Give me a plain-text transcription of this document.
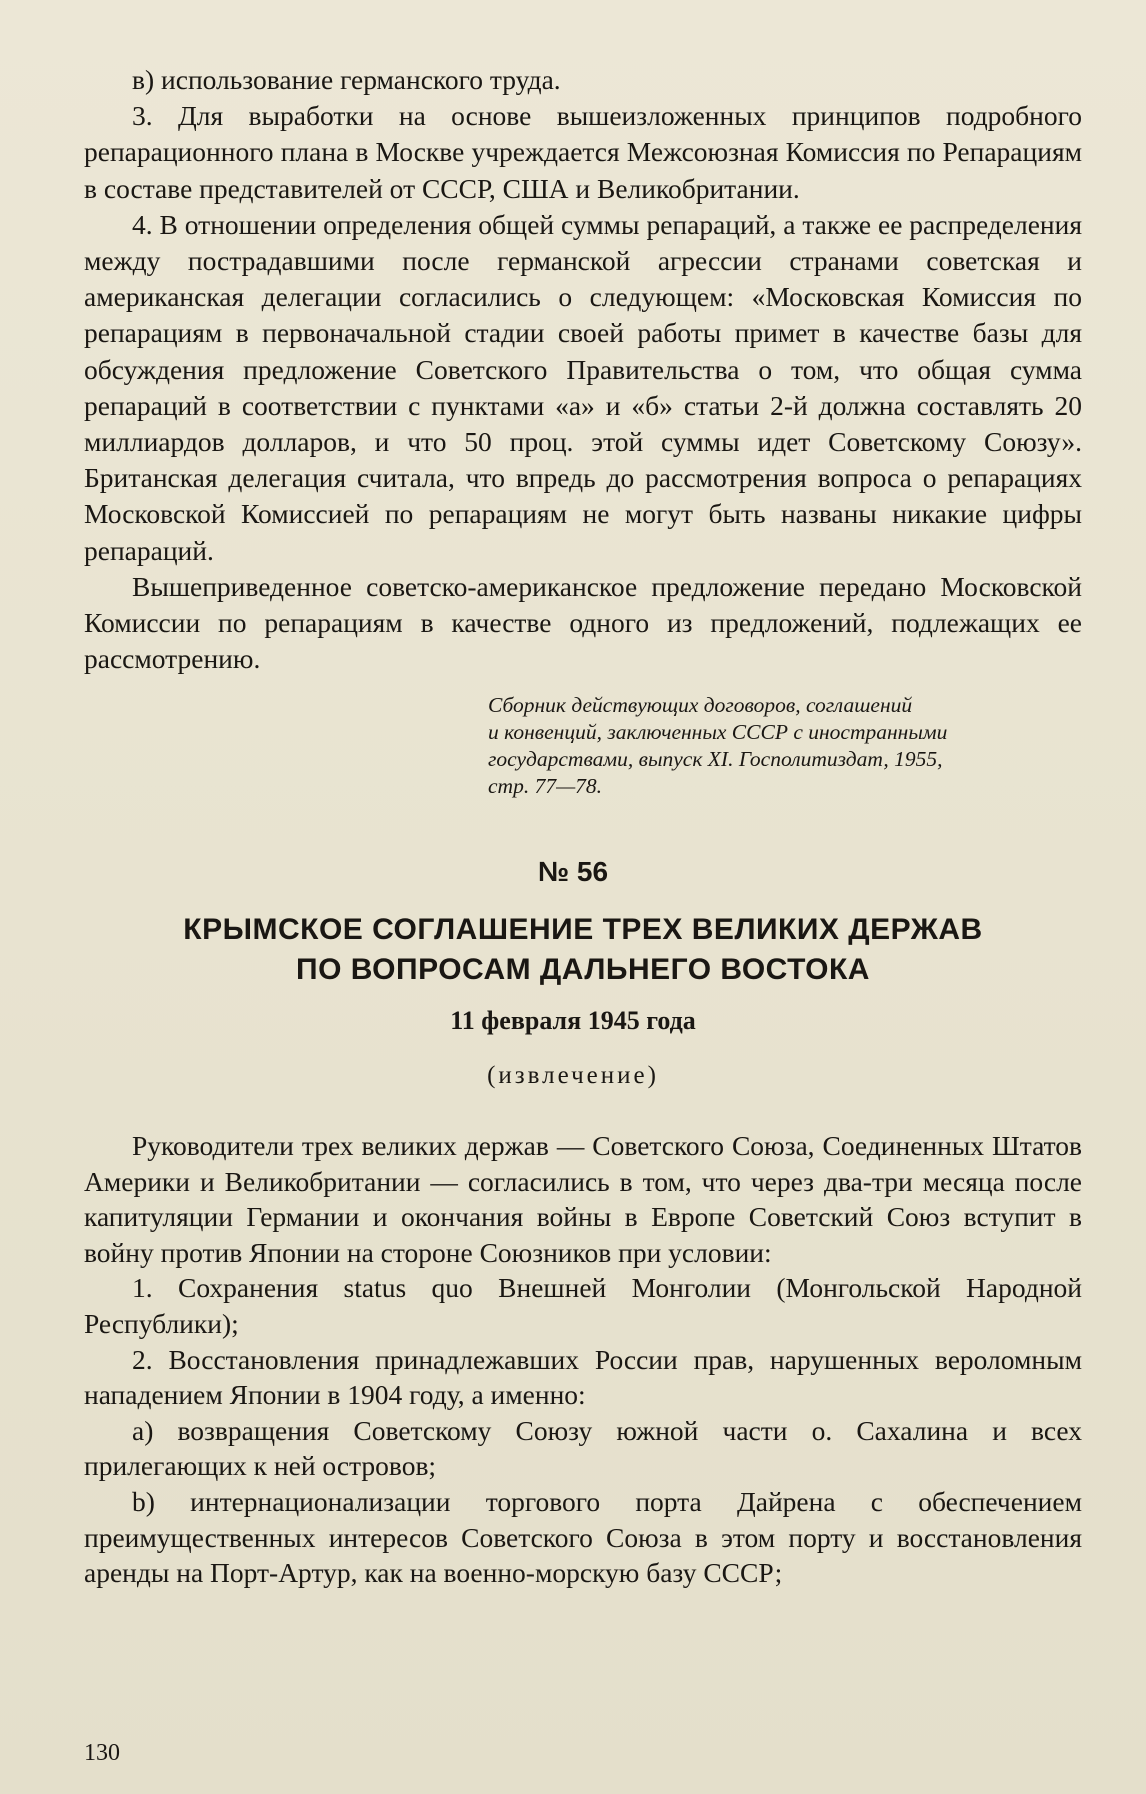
в) использование германского труда.

3. Для выработки на основе вышеизложенных принципов подробного репарационного плана в Москве учреждается Межсоюзная Комиссия по Репарациям в составе представителей от СССР, США и Великобритании.

4. В отношении определения общей суммы репараций, а также ее распределения между пострадавшими после германской агрессии странами советская и американская делегации согласились о следующем: «Московская Комиссия по репарациям в первоначальной стадии своей работы примет в качестве базы для обсуждения предложение Советского Правительства о том, что общая сумма репараций в соответствии с пунктами «а» и «б» статьи 2-й должна составлять 20 миллиардов долларов, и что 50 проц. этой суммы идет Советскому Союзу». Британская делегация считала, что впредь до рассмотрения вопроса о репарациях Московской Комиссией по репарациям не могут быть названы никакие цифры репараций.

Вышеприведенное советско-американское предложение передано Московской Комиссии по репарациям в качестве одного из предложений, подлежащих ее рассмотрению.

Сборник действующих договоров, соглашений
и конвенций, заключенных СССР с иностранными
государствами, выпуск XI. Госполитиздат, 1955,
стр. 77—78.
№ 56
КРЫМСКОЕ СОГЛАШЕНИЕ ТРЕХ ВЕЛИКИХ ДЕРЖАВ
ПО ВОПРОСАМ ДАЛЬНЕГО ВОСТОКА
11 февраля 1945 года
(извлечение)

Руководители трех великих держав — Советского Союза, Соединенных Штатов Америки и Великобритании — согласились в том, что через два-три месяца после капитуляции Германии и окончания войны в Европе Советский Союз вступит в войну против Японии на стороне Союзников при условии:

1. Сохранения status quo Внешней Монголии (Монгольской Народной Республики);

2. Восстановления принадлежавших России прав, нарушенных вероломным нападением Японии в 1904 году, а именно:

а) возвращения Советскому Союзу южной части о. Сахалина и всех прилегающих к ней островов;

b) интернационализации торгового порта Дайрена с обеспечением преимущественных интересов Советского Союза в этом порту и восстановления аренды на Порт-Артур, как на военно-морскую базу СССР;

130
